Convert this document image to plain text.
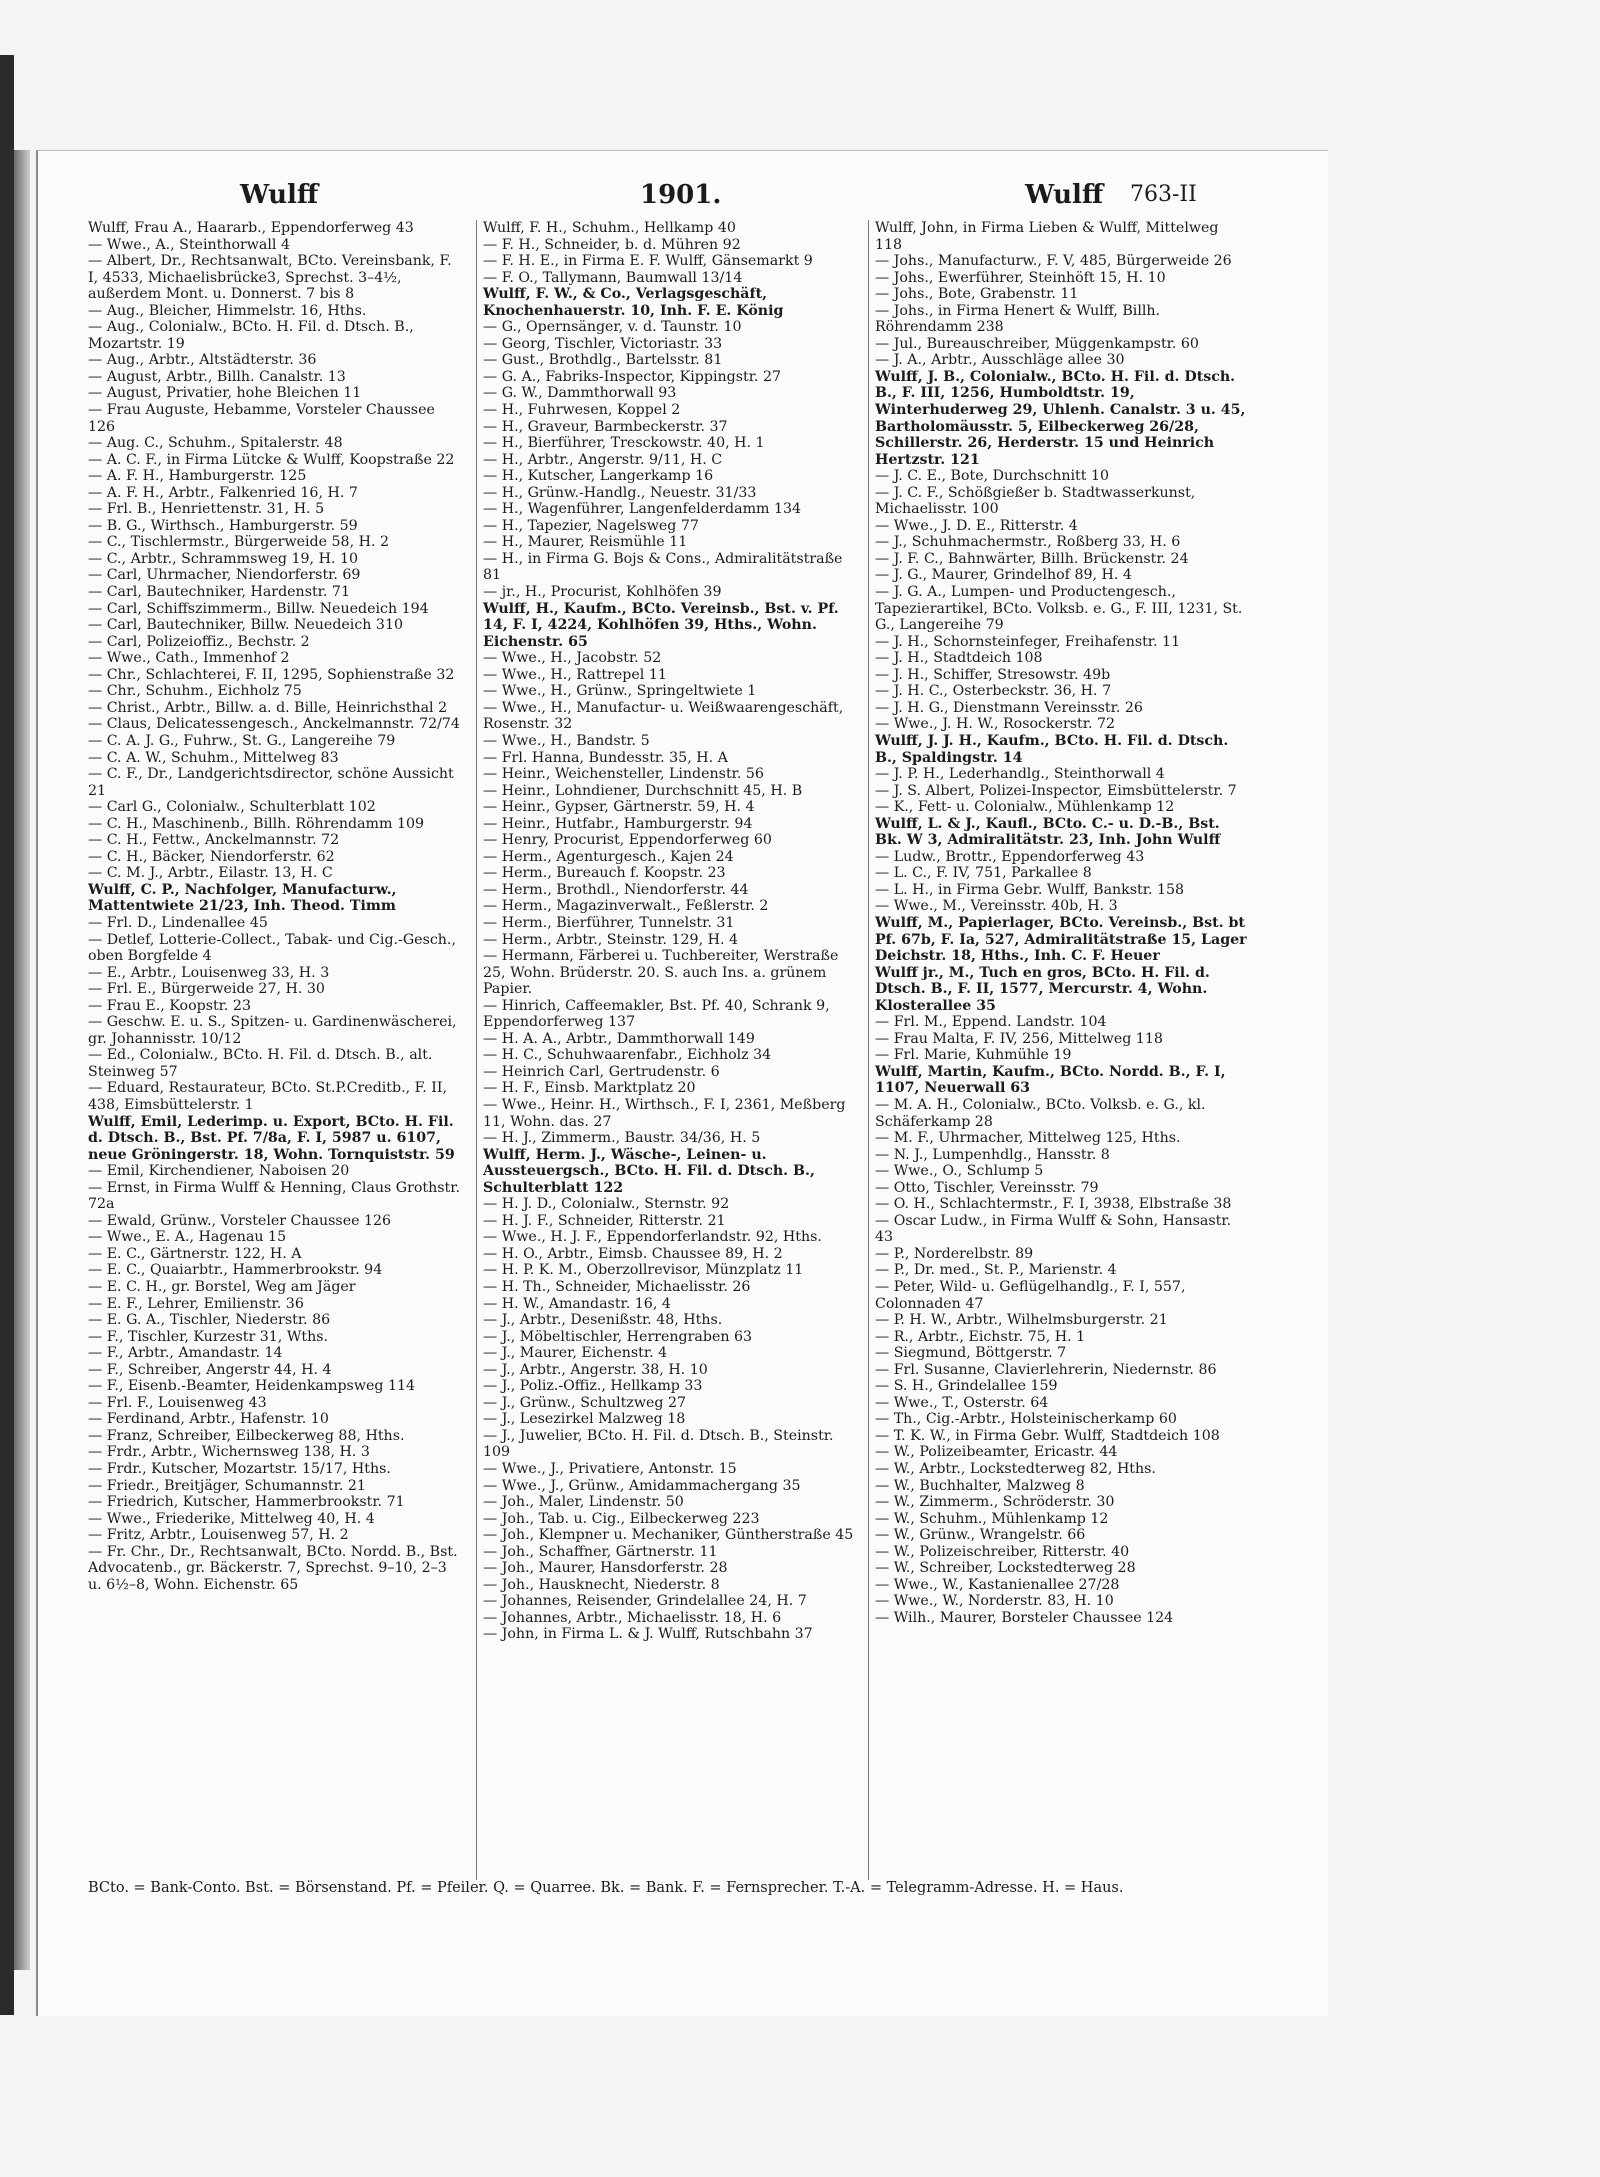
Wulff	1901.	Wulff 763-II

Wulff, Frau A., Haararb., Eppendorferweg 43

— Wwe., A., Steinthorwall 4

— Albert, Dr., Rechtsanwalt, BCto. Vereinsbank, F. I, 4533, Michaelisbrücke3, Sprechst. 3–4½, außerdem Mont. u. Donnerst. 7 bis 8

— Aug., Bleicher, Himmelstr. 16, Hths.

— Aug., Colonialw., BCto. H. Fil. d. Dtsch. B., Mozartstr. 19

— Aug., Arbtr., Altstädterstr. 36

— August, Arbtr., Billh. Canalstr. 13

— August, Privatier, hohe Bleichen 11

— Frau Auguste, Hebamme, Vorsteler Chaussee 126

— Aug. C., Schuhm., Spitalerstr. 48

— A. C. F., in Firma Lütcke & Wulff, Koopstraße 22

— A. F. H., Hamburgerstr. 125

— A. F. H., Arbtr., Falkenried 16, H. 7

— Frl. B., Henriettenstr. 31, H. 5

— B. G., Wirthsch., Hamburgerstr. 59

— C., Tischlermstr., Bürgerweide 58, H. 2

— C., Arbtr., Schrammsweg 19, H. 10

— Carl, Uhrmacher, Niendorferstr. 69

— Carl, Bautechniker, Hardenstr. 71

— Carl, Schiffszimmerm., Billw. Neuedeich 194

— Carl, Bautechniker, Billw. Neuedeich 310

— Carl, Polizeioffiz., Bechstr. 2

— Wwe., Cath., Immenhof 2

— Chr., Schlachterei, F. II, 1295, Sophienstraße 32

— Chr., Schuhm., Eichholz 75

— Christ., Arbtr., Billw. a. d. Bille, Heinrichsthal 2

— Claus, Delicatessengesch., Anckelmannstr. 72/74

— C. A. J. G., Fuhrw., St. G., Langereihe 79

— C. A. W., Schuhm., Mittelweg 83

— C. F., Dr., Landgerichtsdirector, schöne Aussicht 21

— Carl G., Colonialw., Schulterblatt 102

— C. H., Maschinenb., Billh. Röhrendamm 109

— C. H., Fettw., Anckelmannstr. 72

— C. H., Bäcker, Niendorferstr. 62

— C. M. J., Arbtr., Eilastr. 13, H. C

Wulff, C. P., Nachfolger, Manufacturw., Mattentwiete 21/23, Inh. Theod. Timm

— Frl. D., Lindenallee 45

— Detlef, Lotterie-Collect., Tabak- und Cig.-Gesch., oben Borgfelde 4

— E., Arbtr., Louisenweg 33, H. 3

— Frl. E., Bürgerweide 27, H. 30

— Frau E., Koopstr. 23

— Geschw. E. u. S., Spitzen- u. Gardinenwäscherei, gr. Johannisstr. 10/12

— Ed., Colonialw., BCto. H. Fil. d. Dtsch. B., alt. Steinweg 57

— Eduard, Restaurateur, BCto. St.P.Creditb., F. II, 438, Eimsbüttelerstr. 1

Wulff, Emil, Lederimp. u. Export, BCto. H. Fil. d. Dtsch. B., Bst. Pf. 7/8a, F. I, 5987 u. 6107, neue Gröningerstr. 18, Wohn. Tornquiststr. 59

— Emil, Kirchendiener, Naboisen 20

— Ernst, in Firma Wulff & Henning, Claus Grothstr. 72a

— Ewald, Grünw., Vorsteler Chaussee 126

— Wwe., E. A., Hagenau 15

— E. C., Gärtnerstr. 122, H. A

— E. C., Quaiarbtr., Hammerbrookstr. 94

— E. C. H., gr. Borstel, Weg am Jäger

— E. F., Lehrer, Emilienstr. 36

— E. G. A., Tischler, Niederstr. 86

— F., Tischler, Kurzestr 31, Wths.

— F., Arbtr., Amandastr. 14

— F., Schreiber, Angerstr 44, H. 4

— F., Eisenb.-Beamter, Heidenkampsweg 114

— Frl. F., Louisenweg 43

— Ferdinand, Arbtr., Hafenstr. 10

— Franz, Schreiber, Eilbeckerweg 88, Hths.

— Frdr., Arbtr., Wichernsweg 138, H. 3

— Frdr., Kutscher, Mozartstr. 15/17, Hths.

— Friedr., Breitjäger, Schumannstr. 21

— Friedrich, Kutscher, Hammerbrookstr. 71

— Wwe., Friederike, Mittelweg 40, H. 4

— Fritz, Arbtr., Louisenweg 57, H. 2

— Fr. Chr., Dr., Rechtsanwalt, BCto. Nordd. B., Bst. Advocatenb., gr. Bäckerstr. 7, Sprechst. 9–10, 2–3 u. 6½–8, Wohn. Eichenstr. 65

Wulff, F. H., Schuhm., Hellkamp 40

— F. H., Schneider, b. d. Mühren 92

— F. H. E., in Firma E. F. Wulff, Gänsemarkt 9

— F. O., Tallymann, Baumwall 13/14

Wulff, F. W., & Co., Verlagsgeschäft, Knochenhauerstr. 10, Inh. F. E. König

— G., Opernsänger, v. d. Taunstr. 10

— Georg, Tischler, Victoriastr. 33

— Gust., Brothdlg., Bartelsstr. 81

— G. A., Fabriks-Inspector, Kippingstr. 27

— G. W., Dammthorwall 93

— H., Fuhrwesen, Koppel 2

— H., Graveur, Barmbeckerstr. 37

— H., Bierführer, Tresckowstr. 40, H. 1

— H., Arbtr., Angerstr. 9/11, H. C

— H., Kutscher, Langerkamp 16

— H., Grünw.-Handlg., Neuestr. 31/33

— H., Wagenführer, Langenfelderdamm 134

— H., Tapezier, Nagelsweg 77

— H., Maurer, Reismühle 11

— H., in Firma G. Bojs & Cons., Admiralitätstraße 81

— jr., H., Procurist, Kohlhöfen 39

Wulff, H., Kaufm., BCto. Vereinsb., Bst. v. Pf. 14, F. I, 4224, Kohlhöfen 39, Hths., Wohn. Eichenstr. 65

— Wwe., H., Jacobstr. 52

— Wwe., H., Rattrepel 11

— Wwe., H., Grünw., Springeltwiete 1

— Wwe., H., Manufactur- u. Weißwaarengeschäft, Rosenstr. 32

— Wwe., H., Bandstr. 5

— Frl. Hanna, Bundesstr. 35, H. A

— Heinr., Weichensteller, Lindenstr. 56

— Heinr., Lohndiener, Durchschnitt 45, H. B

— Heinr., Gypser, Gärtnerstr. 59, H. 4

— Heinr., Hutfabr., Hamburgerstr. 94

— Henry, Procurist, Eppendorferweg 60

— Herm., Agenturgesch., Kajen 24

— Herm., Bureauch f. Koopstr. 23

— Herm., Brothdl., Niendorferstr. 44

— Herm., Magazinverwalt., Feßlerstr. 2

— Herm., Bierführer, Tunnelstr. 31

— Herm., Arbtr., Steinstr. 129, H. 4

— Hermann, Färberei u. Tuchbereiter, Werstraße 25, Wohn. Brüderstr. 20. S. auch Ins. a. grünem Papier.

— Hinrich, Caffeemakler, Bst. Pf. 40, Schrank 9, Eppendorferweg 137

— H. A. A., Arbtr., Dammthorwall 149

— H. C., Schuhwaarenfabr., Eichholz 34

— Heinrich Carl, Gertrudenstr. 6

— H. F., Einsb. Marktplatz 20

— Wwe., Heinr. H., Wirthsch., F. I, 2361, Meßberg 11, Wohn. das. 27

— H. J., Zimmerm., Baustr. 34/36, H. 5

Wulff, Herm. J., Wäsche-, Leinen- u. Aussteuergsch., BCto. H. Fil. d. Dtsch. B., Schulterblatt 122

— H. J. D., Colonialw., Sternstr. 92

— H. J. F., Schneider, Ritterstr. 21

— Wwe., H. J. F., Eppendorferlandstr. 92, Hths.

— H. O., Arbtr., Eimsb. Chaussee 89, H. 2

— H. P. K. M., Oberzollrevisor, Münzplatz 11

— H. Th., Schneider, Michaelisstr. 26

— H. W., Amandastr. 16, 4

— J., Arbtr., Desenißstr. 48, Hths.

— J., Möbeltischler, Herrengraben 63

— J., Maurer, Eichenstr. 4

— J., Arbtr., Angerstr. 38, H. 10

— J., Poliz.-Offiz., Hellkamp 33

— J., Grünw., Schultzweg 27

— J., Lesezirkel Malzweg 18

— J., Juwelier, BCto. H. Fil. d. Dtsch. B., Steinstr. 109

— Wwe., J., Privatiere, Antonstr. 15

— Wwe., J., Grünw., Amidammachergang 35

— Joh., Maler, Lindenstr. 50

— Joh., Tab. u. Cig., Eilbeckerweg 223

— Joh., Klempner u. Mechaniker, Güntherstraße 45

— Joh., Schaffner, Gärtnerstr. 11

— Joh., Maurer, Hansdorferstr. 28

— Joh., Hausknecht, Niederstr. 8

— Johannes, Reisender, Grindelallee 24, H. 7

— Johannes, Arbtr., Michaelisstr. 18, H. 6

— John, in Firma L. & J. Wulff, Rutschbahn 37

Wulff, John, in Firma Lieben & Wulff, Mittelweg 118

— Johs., Manufacturw., F. V, 485, Bürgerweide 26

— Johs., Ewerführer, Steinhöft 15, H. 10

— Johs., Bote, Grabenstr. 11

— Johs., in Firma Henert & Wulff, Billh. Röhrendamm 238

— Jul., Bureauschreiber, Müggenkampstr. 60

— J. A., Arbtr., Ausschläge allee 30

Wulff, J. B., Colonialw., BCto. H. Fil. d. Dtsch. B., F. III, 1256, Humboldtstr. 19, Winterhuderweg 29, Uhlenh. Canalstr. 3 u. 45, Bartholomäusstr. 5, Eilbeckerweg 26/28, Schillerstr. 26, Herderstr. 15 und Heinrich Hertzstr. 121

— J. C. E., Bote, Durchschnitt 10

— J. C. F., Schößgießer b. Stadtwasserkunst, Michaelisstr. 100

— Wwe., J. D. E., Ritterstr. 4

— J., Schuhmachermstr., Roßberg 33, H. 6

— J. F. C., Bahnwärter, Billh. Brückenstr. 24

— J. G., Maurer, Grindelhof 89, H. 4

— J. G. A., Lumpen- und Productengesch., Tapezierartikel, BCto. Volksb. e. G., F. III, 1231, St. G., Langereihe 79

— J. H., Schornsteinfeger, Freihafenstr. 11

— J. H., Stadtdeich 108

— J. H., Schiffer, Stresowstr. 49b

— J. H. C., Osterbeckstr. 36, H. 7

— J. H. G., Dienstmann Vereinsstr. 26

— Wwe., J. H. W., Rosockerstr. 72

Wulff, J. J. H., Kaufm., BCto. H. Fil. d. Dtsch. B., Spaldingstr. 14

— J. P. H., Lederhandlg., Steinthorwall 4

— J. S. Albert, Polizei-Inspector, Eimsbüttelerstr. 7

— K., Fett- u. Colonialw., Mühlenkamp 12

Wulff, L. & J., Kaufl., BCto. C.- u. D.-B., Bst. Bk. W 3, Admiralitätstr. 23, Inh. John Wulff

— Ludw., Brottr., Eppendorferweg 43

— L. C., F. IV, 751, Parkallee 8

— L. H., in Firma Gebr. Wulff, Bankstr. 158

— Wwe., M., Vereinsstr. 40b, H. 3

Wulff, M., Papierlager, BCto. Vereinsb., Bst. bt Pf. 67b, F. Ia, 527, Admiralitätstraße 15, Lager Deichstr. 18, Hths., Inh. C. F. Heuer

Wulff jr., M., Tuch en gros, BCto. H. Fil. d. Dtsch. B., F. II, 1577, Mercurstr. 4, Wohn. Klosterallee 35

— Frl. M., Eppend. Landstr. 104

— Frau Malta, F. IV, 256, Mittelweg 118

— Frl. Marie, Kuhmühle 19

Wulff, Martin, Kaufm., BCto. Nordd. B., F. I, 1107, Neuerwall 63

— M. A. H., Colonialw., BCto. Volksb. e. G., kl. Schäferkamp 28

— M. F., Uhrmacher, Mittelweg 125, Hths.

— N. J., Lumpenhdlg., Hansstr. 8

— Wwe., O., Schlump 5

— Otto, Tischler, Vereinsstr. 79

— O. H., Schlachtermstr., F. I, 3938, Elbstraße 38

— Oscar Ludw., in Firma Wulff & Sohn, Hansastr. 43

— P., Norderelbstr. 89

— P., Dr. med., St. P., Marienstr. 4

— Peter, Wild- u. Geflügelhandlg., F. I, 557, Colonnaden 47

— P. H. W., Arbtr., Wilhelmsburgerstr. 21

— R., Arbtr., Eichstr. 75, H. 1

— Siegmund, Böttgerstr. 7

— Frl. Susanne, Clavierlehrerin, Niedernstr. 86

— S. H., Grindelallee 159

— Wwe., T., Osterstr. 64

— Th., Cig.-Arbtr., Holsteinischerkamp 60

— T. K. W., in Firma Gebr. Wulff, Stadtdeich 108

— W., Polizeibeamter, Ericastr. 44

— W., Arbtr., Lockstedterweg 82, Hths.

— W., Buchhalter, Malzweg 8

— W., Zimmerm., Schröderstr. 30

— W., Schuhm., Mühlenkamp 12

— W., Grünw., Wrangelstr. 66

— W., Polizeischreiber, Ritterstr. 40

— W., Schreiber, Lockstedterweg 28

— Wwe., W., Kastanienallee 27/28

— Wwe., W., Norderstr. 83, H. 10

— Wilh., Maurer, Borsteler Chaussee 124

BCto. = Bank-Conto. Bst. = Börsenstand. Pf. = Pfeiler. Q. = Quarree. Bk. = Bank. F. = Fernsprecher. T.-A. = Telegramm-Adresse. H. = Haus.
